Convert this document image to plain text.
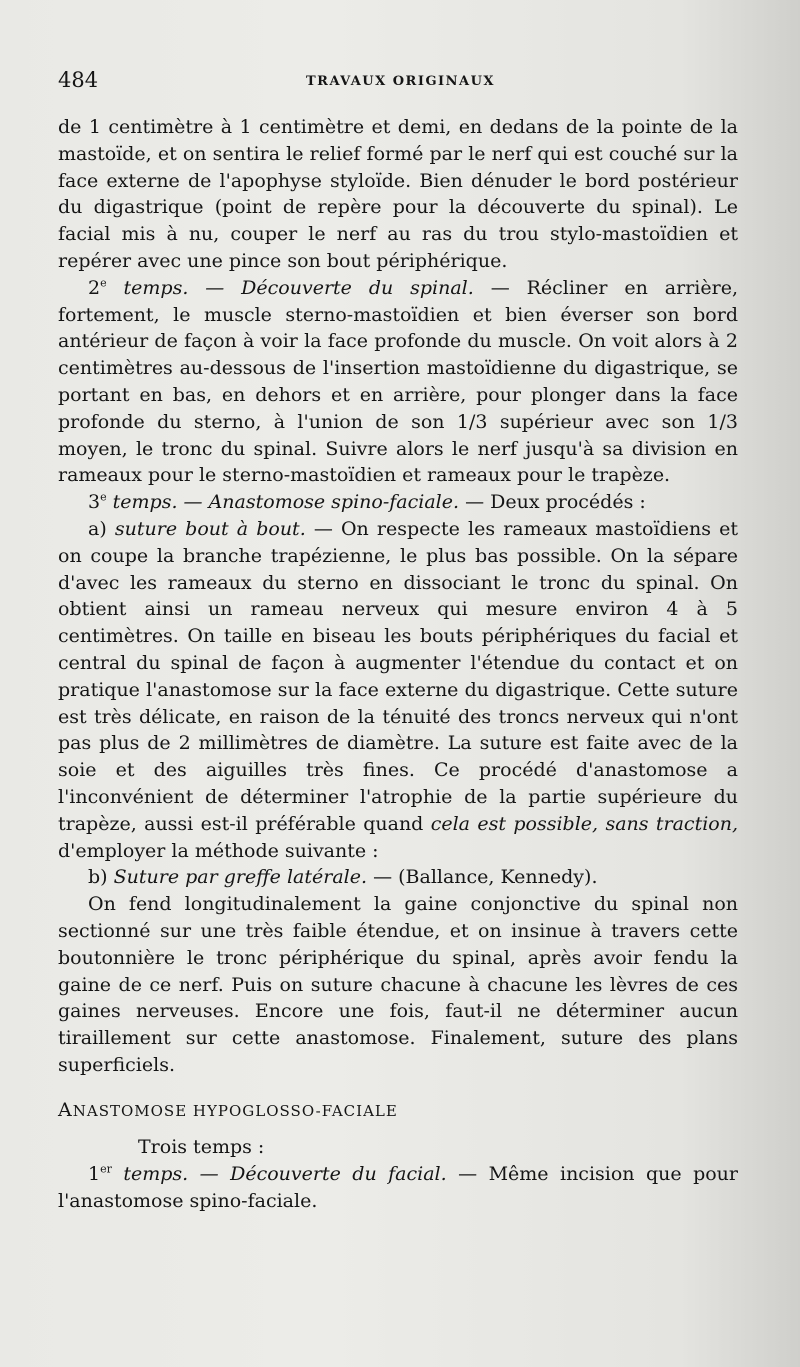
484	TRAVAUX ORIGINAUX

de 1 centimètre à 1 centimètre et demi, en dedans de la pointe de la mastoïde, et on sentira le relief formé par le nerf qui est couché sur la face externe de l'apophyse styloïde. Bien dénuder le bord postérieur du digastrique (point de repère pour la découverte du spinal). Le facial mis à nu, couper le nerf au ras du trou stylo-mastoïdien et repérer avec une pince son bout périphérique.

2e temps. — Découverte du spinal. — Récliner en arrière, fortement, le muscle sterno-mastoïdien et bien éverser son bord antérieur de façon à voir la face profonde du muscle. On voit alors à 2 centimètres au-dessous de l'insertion mastoïdienne du digastrique, se portant en bas, en dehors et en arrière, pour plonger dans la face profonde du sterno, à l'union de son 1/3 supérieur avec son 1/3 moyen, le tronc du spinal. Suivre alors le nerf jusqu'à sa division en rameaux pour le sterno-mastoïdien et rameaux pour le trapèze.

3e temps. — Anastomose spino-faciale. — Deux procédés :

a) suture bout à bout. — On respecte les rameaux mastoïdiens et on coupe la branche trapézienne, le plus bas possible. On la sépare d'avec les rameaux du sterno en dissociant le tronc du spinal. On obtient ainsi un rameau nerveux qui mesure environ 4 à 5 centimètres. On taille en biseau les bouts périphériques du facial et central du spinal de façon à augmenter l'étendue du contact et on pratique l'anastomose sur la face externe du digastrique. Cette suture est très délicate, en raison de la ténuité des troncs nerveux qui n'ont pas plus de 2 millimètres de diamètre. La suture est faite avec de la soie et des aiguilles très fines. Ce procédé d'anastomose a l'inconvénient de déterminer l'atrophie de la partie supérieure du trapèze, aussi est-il préférable quand cela est possible, sans traction, d'employer la méthode suivante :

b) Suture par greffe latérale. — (Ballance, Kennedy).

On fend longitudinalement la gaine conjonctive du spinal non sectionné sur une très faible étendue, et on insinue à travers cette boutonnière le tronc périphérique du spinal, après avoir fendu la gaine de ce nerf. Puis on suture chacune à chacune les lèvres de ces gaines nerveuses. Encore une fois, faut-il ne déterminer aucun tiraillement sur cette anastomose. Finalement, suture des plans superficiels.

ANASTOMOSE HYPOGLOSSO-FACIALE

Trois temps :

1er temps. — Découverte du facial. — Même incision que pour l'anastomose spino-faciale.
